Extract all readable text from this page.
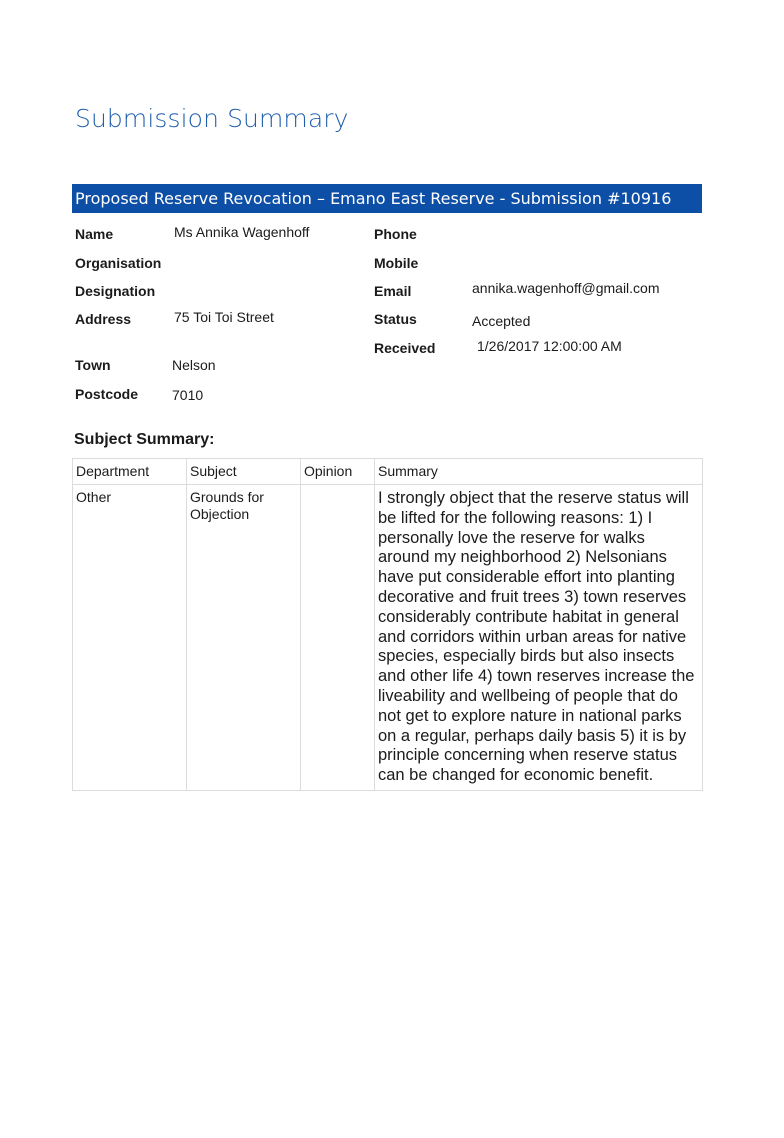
Submission Summary
Proposed Reserve Revocation – Emano East Reserve - Submission #10916
Name	Ms Annika Wagenhoff
Organisation
Designation
Address	75 Toi Toi Street
Town	Nelson
Postcode 7010
Phone
Mobile
Email	annika.wagenhoff@gmail.com
Status	Accepted
Received	1/26/2017 12:00:00 AM
Subject Summary:
Department	Subject	Opinion	Summary
Other	Grounds for Objection		I strongly object that the reserve status will be lifted for the following reasons: 1) I personally love the reserve for walks around my neighborhood 2) Nelsonians have put considerable effort into planting decorative and fruit trees 3) town reserves considerably contribute habitat in general and corridors within urban areas for native species, especially birds but also insects and other life 4) town reserves increase the liveability and wellbeing of people that do not get to explore nature in national parks on a regular, perhaps daily basis 5) it is by principle concerning when reserve status can be changed for economic benefit.
